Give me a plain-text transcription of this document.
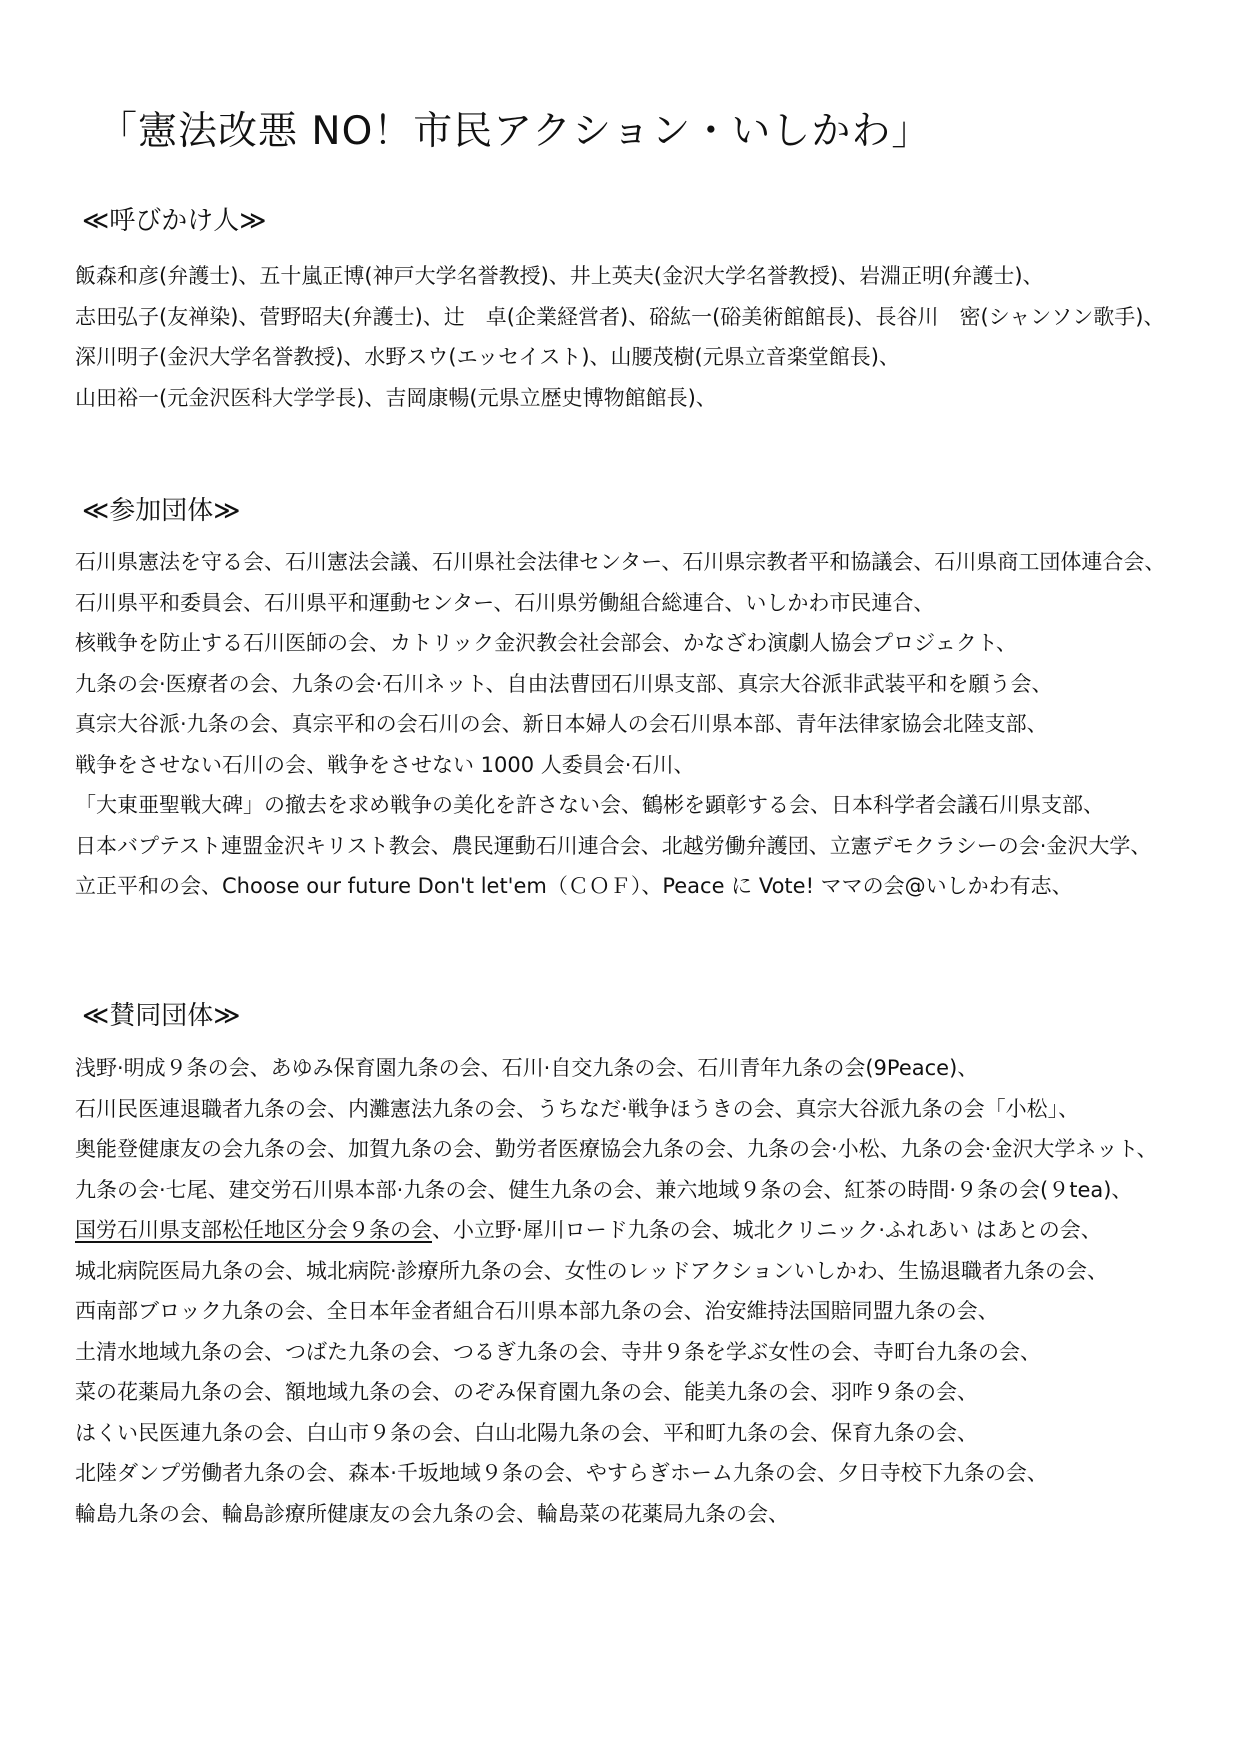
「憲法改悪 NO！市民アクション・いしかわ」
≪呼びかけ人≫
飯森和彦(弁護士)、五十嵐正博(神戸大学名誉教授)、井上英夫(金沢大学名誉教授)、岩淵正明(弁護士)、
志田弘子(友禅染)、菅野昭夫(弁護士)、辻　卓(企業経営者)、硲紘一(硲美術館館長)、長谷川　密(シャンソン歌手)、
深川明子(金沢大学名誉教授)、水野スウ(エッセイスト)、山腰茂樹(元県立音楽堂館長)、
山田裕一(元金沢医科大学学長)、吉岡康暢(元県立歴史博物館館長)、
≪参加団体≫
石川県憲法を守る会、石川憲法会議、石川県社会法律センター、石川県宗教者平和協議会、石川県商工団体連合会、
石川県平和委員会、石川県平和運動センター、石川県労働組合総連合、いしかわ市民連合、
核戦争を防止する石川医師の会、カトリック金沢教会社会部会、かなざわ演劇人協会プロジェクト、
九条の会·医療者の会、九条の会·石川ネット、自由法曹団石川県支部、真宗大谷派非武装平和を願う会、
真宗大谷派·九条の会、真宗平和の会石川の会、新日本婦人の会石川県本部、青年法律家協会北陸支部、
戦争をさせない石川の会、戦争をさせない 1000 人委員会·石川、
「大東亜聖戦大碑」の撤去を求め戦争の美化を許さない会、鶴彬を顕彰する会、日本科学者会議石川県支部、
日本バプテスト連盟金沢キリスト教会、農民運動石川連合会、北越労働弁護団、立憲デモクラシーの会·金沢大学、
立正平和の会、Choose our future Don't let'em（ＣＯＦ）、Peace に Vote! ママの会@いしかわ有志、
≪賛同団体≫
浅野·明成９条の会、あゆみ保育園九条の会、石川·自交九条の会、石川青年九条の会(9Peace)、
石川民医連退職者九条の会、内灘憲法九条の会、うちなだ·戦争ほうきの会、真宗大谷派九条の会「小松」、
奥能登健康友の会九条の会、加賀九条の会、勤労者医療協会九条の会、九条の会·小松、九条の会·金沢大学ネット、
九条の会·七尾、建交労石川県本部·九条の会、健生九条の会、兼六地域９条の会、紅茶の時間·９条の会(９tea)、
国労石川県支部松任地区分会９条の会、小立野·犀川ロード九条の会、城北クリニック·ふれあい はあとの会、
城北病院医局九条の会、城北病院·診療所九条の会、女性のレッドアクションいしかわ、生協退職者九条の会、
西南部ブロック九条の会、全日本年金者組合石川県本部九条の会、治安維持法国賠同盟九条の会、
土清水地域九条の会、つばた九条の会、つるぎ九条の会、寺井９条を学ぶ女性の会、寺町台九条の会、
菜の花薬局九条の会、額地域九条の会、のぞみ保育園九条の会、能美九条の会、羽咋９条の会、
はくい民医連九条の会、白山市９条の会、白山北陽九条の会、平和町九条の会、保育九条の会、
北陸ダンプ労働者九条の会、森本·千坂地域９条の会、やすらぎホーム九条の会、夕日寺校下九条の会、
輪島九条の会、輪島診療所健康友の会九条の会、輪島菜の花薬局九条の会、
